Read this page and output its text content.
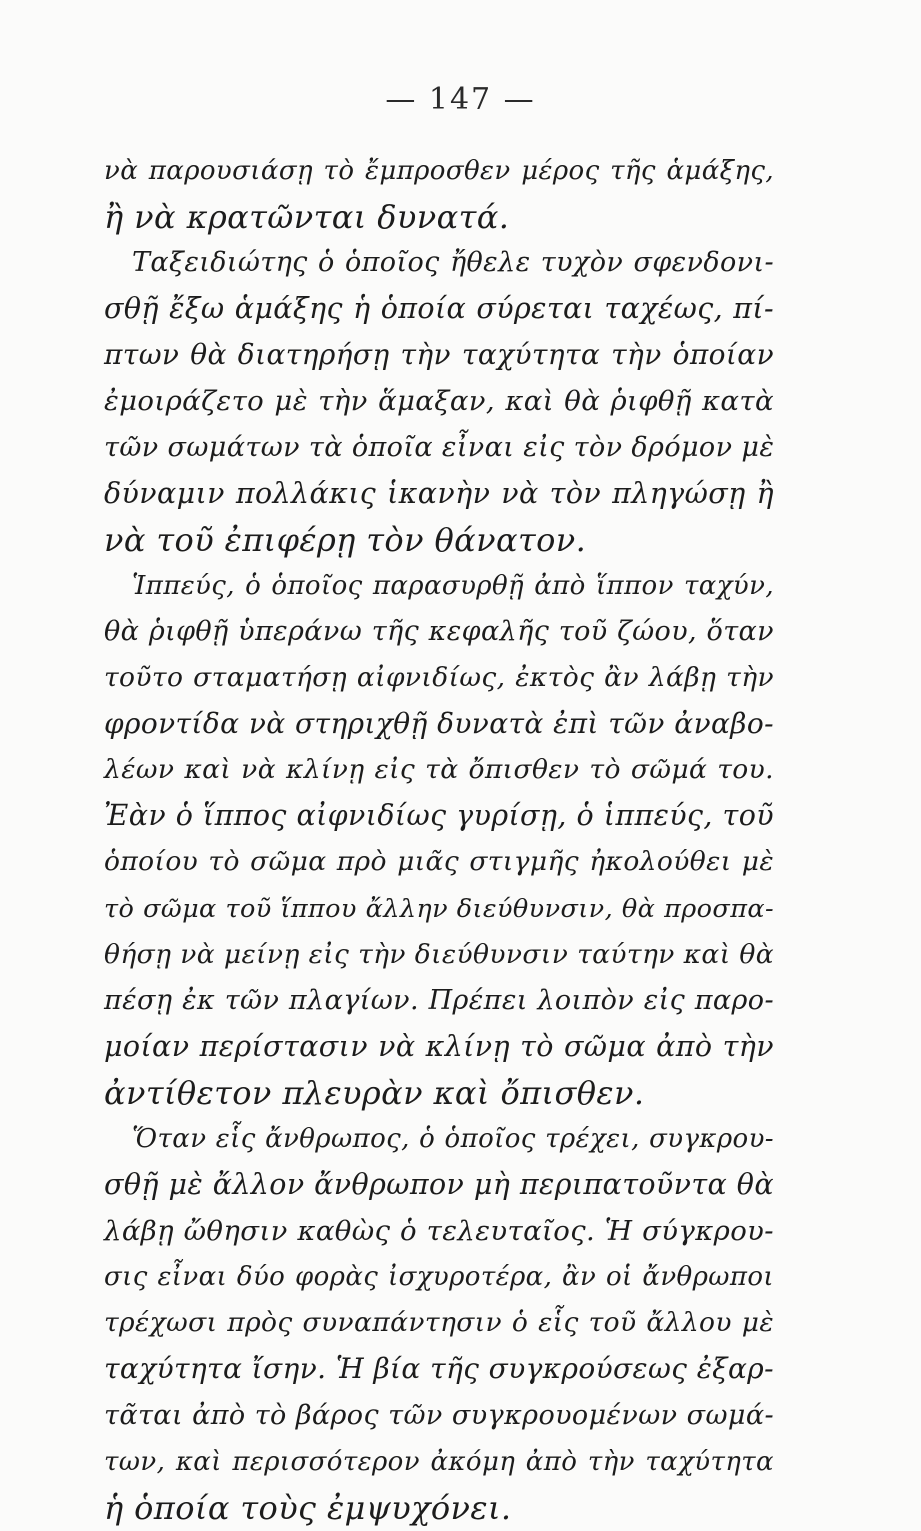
— 147 —
νὰ παρουσιάσῃ τὸ ἔμπροσθεν μέρος τῆς ἁμάξης,
ἢ νὰ κρατῶνται δυνατά.
Ταξειδιώτης ὁ ὁποῖος ἤθελε τυχὸν σφενδονι-
σθῇ ἔξω ἁμάξης ἡ ὁποία σύρεται ταχέως, πί-
πτων θὰ διατηρήσῃ τὴν ταχύτητα τὴν ὁποίαν
ἐμοιράζετο μὲ τὴν ἅμαξαν, καὶ θὰ ῥιφθῇ κατὰ
τῶν σωμάτων τὰ ὁποῖα εἶναι εἰς τὸν δρόμον μὲ
δύναμιν πολλάκις ἱκανὴν νὰ τὸν πληγώσῃ ἢ
νὰ τοῦ ἐπιφέρῃ τὸν θάνατον.
Ἱππεύς, ὁ ὁποῖος παρασυρθῇ ἀπὸ ἵππον ταχύν,
θὰ ῥιφθῇ ὑπεράνω τῆς κεφαλῆς τοῦ ζώου, ὅταν
τοῦτο σταματήσῃ αἰφνιδίως, ἐκτὸς ἂν λάβῃ τὴν
φροντίδα νὰ στηριχθῇ δυνατὰ ἐπὶ τῶν ἀναβο-
λέων καὶ νὰ κλίνῃ εἰς τὰ ὄπισθεν τὸ σῶμά του.
Ἐὰν ὁ ἵππος αἰφνιδίως γυρίσῃ, ὁ ἱππεύς, τοῦ
ὁποίου τὸ σῶμα πρὸ μιᾶς στιγμῆς ἠκολούθει μὲ
τὸ σῶμα τοῦ ἵππου ἄλλην διεύθυνσιν, θὰ προσπα-
θήσῃ νὰ μείνῃ εἰς τὴν διεύθυνσιν ταύτην καὶ θὰ
πέσῃ ἐκ τῶν πλαγίων. Πρέπει λοιπὸν εἰς παρο-
μοίαν περίστασιν νὰ κλίνῃ τὸ σῶμα ἀπὸ τὴν
ἀντίθετον πλευρὰν καὶ ὄπισθεν.
Ὅταν εἷς ἄνθρωπος, ὁ ὁποῖος τρέχει, συγκρου-
σθῇ μὲ ἄλλον ἄνθρωπον μὴ περιπατοῦντα θὰ
λάβῃ ὤθησιν καθὼς ὁ τελευταῖος. Ἡ σύγκρου-
σις εἶναι δύο φορὰς ἰσχυροτέρα, ἂν οἱ ἄνθρωποι
τρέχωσι πρὸς συναπάντησιν ὁ εἷς τοῦ ἄλλου μὲ
ταχύτητα ἴσην. Ἡ βία τῆς συγκρούσεως ἐξαρ-
τᾶται ἀπὸ τὸ βάρος τῶν συγκρουομένων σωμά-
των, καὶ περισσότερον ἀκόμη ἀπὸ τὴν ταχύτητα
ἡ ὁποία τοὺς ἐμψυχόνει.
